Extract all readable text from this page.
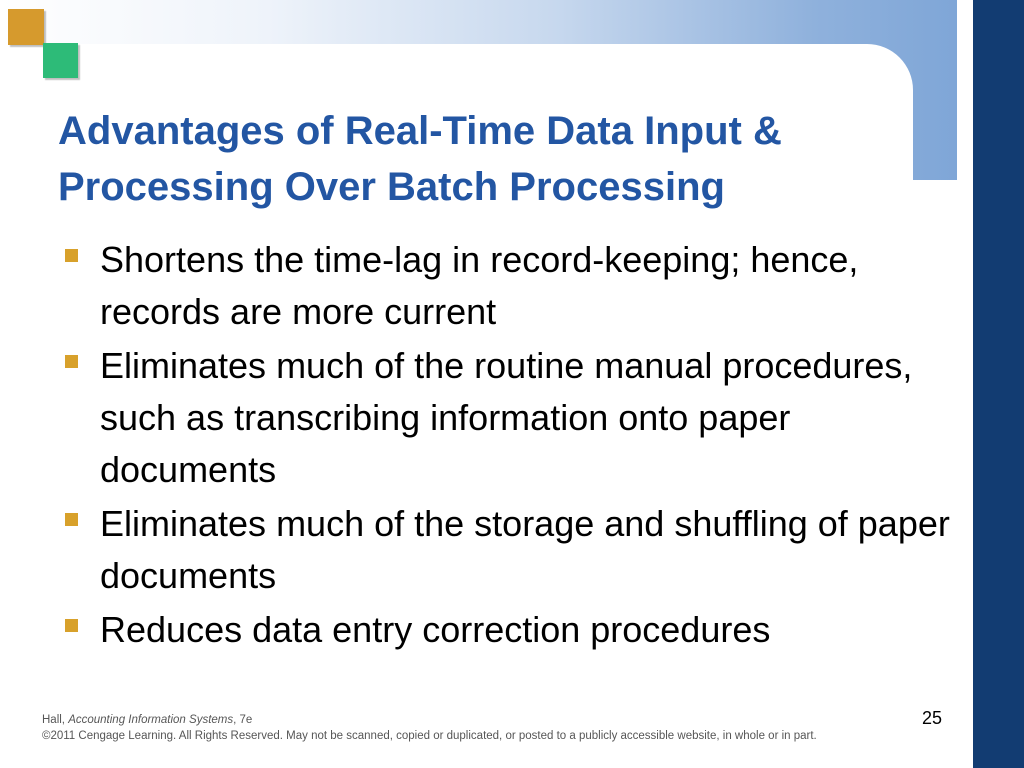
Advantages of Real-Time Data Input &
Processing Over Batch Processing
Shortens the time-lag in record-keeping; hence, records are more current
Eliminates much of the routine manual procedures, such as transcribing information onto paper documents
Eliminates much of the storage and shuffling of paper documents
Reduces data entry correction procedures
Hall, Accounting Information Systems, 7e
©2011 Cengage Learning. All Rights Reserved. May not be scanned, copied or duplicated, or posted to a publicly accessible website, in whole or in part.
25
